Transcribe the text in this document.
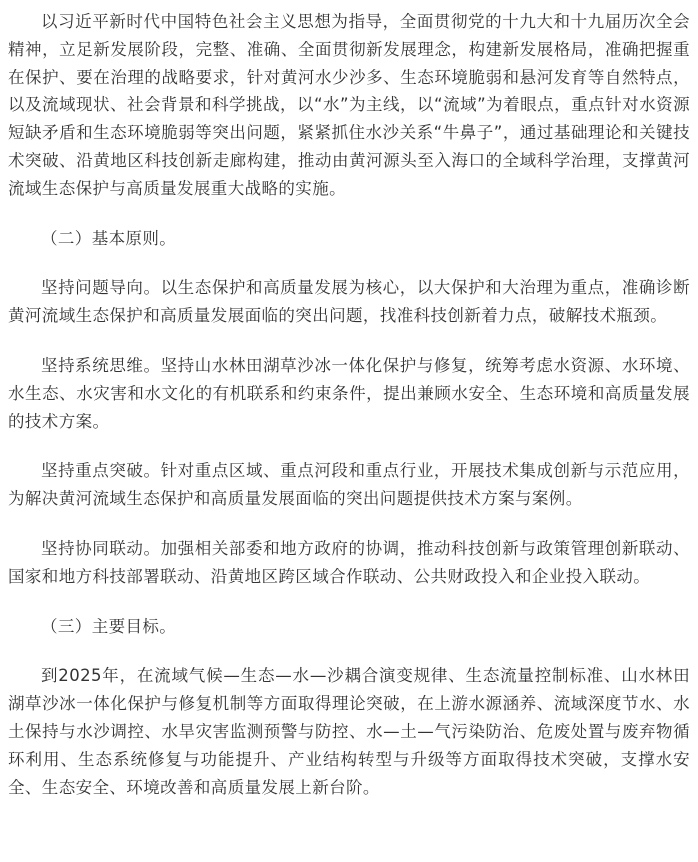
以习近平新时代中国特色社会主义思想为指导，全面贯彻党的十九大和十九届历次全会精神，立足新发展阶段，完整、准确、全面贯彻新发展理念，构建新发展格局，准确把握重在保护、要在治理的战略要求，针对黄河水少沙多、生态环境脆弱和悬河发育等自然特点，以及流域现状、社会背景和科学挑战，以“水”为主线，以“流域”为着眼点，重点针对水资源短缺矛盾和生态环境脆弱等突出问题，紧紧抓住水沙关系“牛鼻子”，通过基础理论和关键技术突破、沿黄地区科技创新走廊构建，推动由黄河源头至入海口的全域科学治理，支撑黄河流域生态保护与高质量发展重大战略的实施。

（二）基本原则。

坚持问题导向。以生态保护和高质量发展为核心，以大保护和大治理为重点，准确诊断黄河流域生态保护和高质量发展面临的突出问题，找准科技创新着力点，破解技术瓶颈。

坚持系统思维。坚持山水林田湖草沙冰一体化保护与修复，统筹考虑水资源、水环境、水生态、水灾害和水文化的有机联系和约束条件，提出兼顾水安全、生态环境和高质量发展的技术方案。

坚持重点突破。针对重点区域、重点河段和重点行业，开展技术集成创新与示范应用，为解决黄河流域生态保护和高质量发展面临的突出问题提供技术方案与案例。

坚持协同联动。加强相关部委和地方政府的协调，推动科技创新与政策管理创新联动、国家和地方科技部署联动、沿黄地区跨区域合作联动、公共财政投入和企业投入联动。

（三）主要目标。

到2025年，在流域气候—生态—水—沙耦合演变规律、生态流量控制标准、山水林田湖草沙冰一体化保护与修复机制等方面取得理论突破，在上游水源涵养、流域深度节水、水土保持与水沙调控、水旱灾害监测预警与防控、水—土—气污染防治、危废处置与废弃物循环利用、生态系统修复与功能提升、产业结构转型与升级等方面取得技术突破，支撑水安全、生态安全、环境改善和高质量发展上新台阶。
